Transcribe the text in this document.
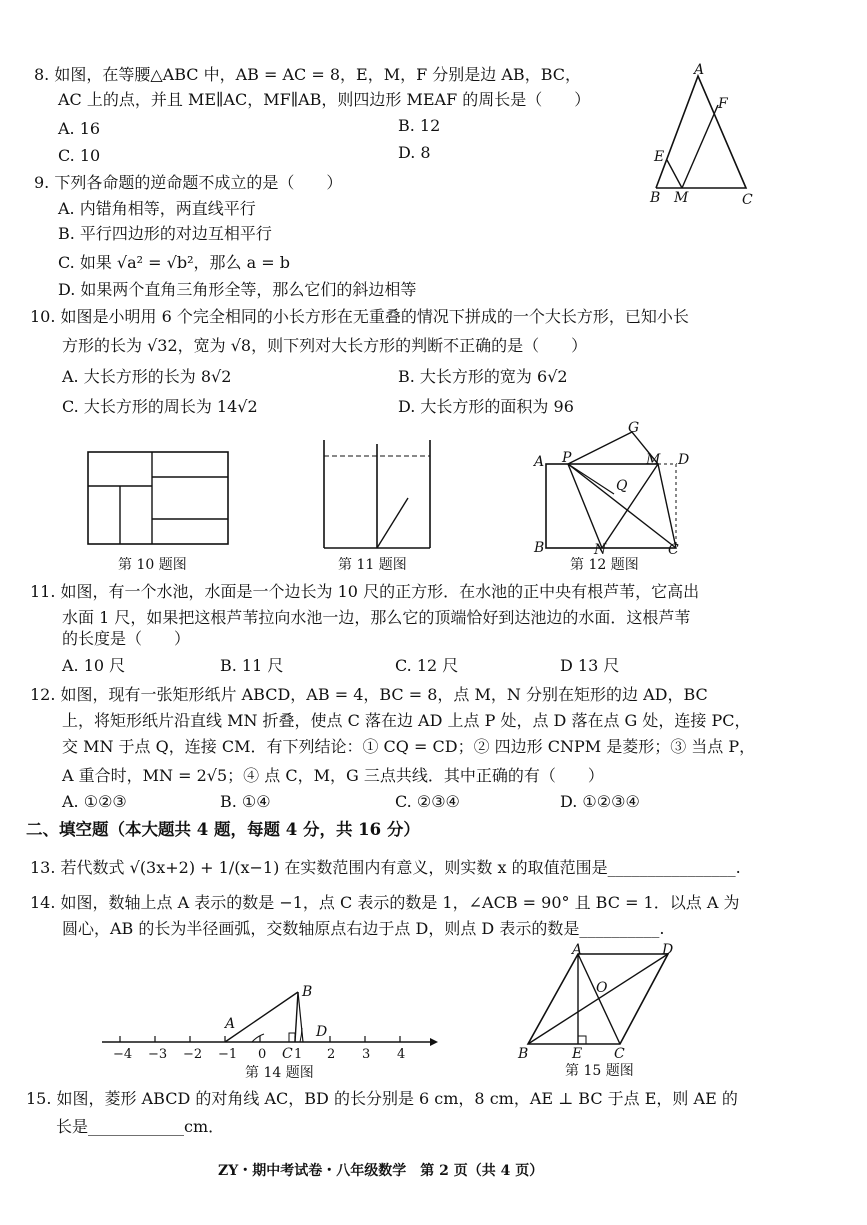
8. 如图，在等腰△ABC 中，AB = AC = 8，E，M，F 分别是边 AB，BC，
AC 上的点，并且 ME∥AC，MF∥AB，则四边形 MEAF 的周长是（　　）
A. 16	B. 12
C. 10	D. 8
A
F
E
B M	C
9. 下列各命题的逆命题不成立的是（　　）
A. 内错角相等，两直线平行
B. 平行四边形的对边互相平行
C. 如果 √a² = √b²，那么 a = b
D. 如果两个直角三角形全等，那么它们的斜边相等
10. 如图是小明用 6 个完全相同的小长方形在无重叠的情况下拼成的一个大长方形，已知小长
方形的长为 √32，宽为 √8，则下列对大长方形的判断不正确的是（　　）
A. 大长方形的长为 8√2	B. 大长方形的宽为 6√2
C. 大长方形的周长为 14√2	D. 大长方形的面积为 96
第 10 题图	第 11 题图
G
A P	M D
Q
B	N	C
第 12 题图
11. 如图，有一个水池，水面是一个边长为 10 尺的正方形．在水池的正中央有根芦苇，它高出
水面 1 尺，如果把这根芦苇拉向水池一边，那么它的顶端恰好到达池边的水面．这根芦苇
的长度是（　　）
A. 10 尺	B. 11 尺	C. 12 尺	D 13 尺
12. 如图，现有一张矩形纸片 ABCD，AB = 4，BC = 8，点 M，N 分别在矩形的边 AD，BC
上，将矩形纸片沿直线 MN 折叠，使点 C 落在边 AD 上点 P 处，点 D 落在点 G 处，连接 PC，
交 MN 于点 Q，连接 CM．有下列结论：① CQ = CD；② 四边形 CNPM 是菱形；③ 当点 P，
A 重合时，MN = 2√5；④ 点 C，M，G 三点共线．其中正确的有（　　）
A. ①②③	B. ①④	C. ②③④	D. ①②③④
二、填空题（本大题共 4 题，每题 4 分，共 16 分）
13. 若代数式 √(3x+2) + 1/(x−1) 在实数范围内有意义，则实数 x 的取值范围是________________.
14. 如图，数轴上点 A 表示的数是 −1，点 C 表示的数是 1，∠ACB = 90° 且 BC = 1．以点 A 为
圆心，AB 的长为半径画弧，交数轴原点右边于点 D，则点 D 表示的数是__________.
A
B
D
C
−4 −3 −2 −1 0 1 2 3 4
第 14 题图
A	D
O
B	E C
第 15 题图
15. 如图，菱形 ABCD 的对角线 AC，BD 的长分别是 6 cm，8 cm，AE ⊥ BC 于点 E，则 AE 的
长是____________cm．
ZY・期中考试卷・八年级数学　第 2 页（共 4 页）
